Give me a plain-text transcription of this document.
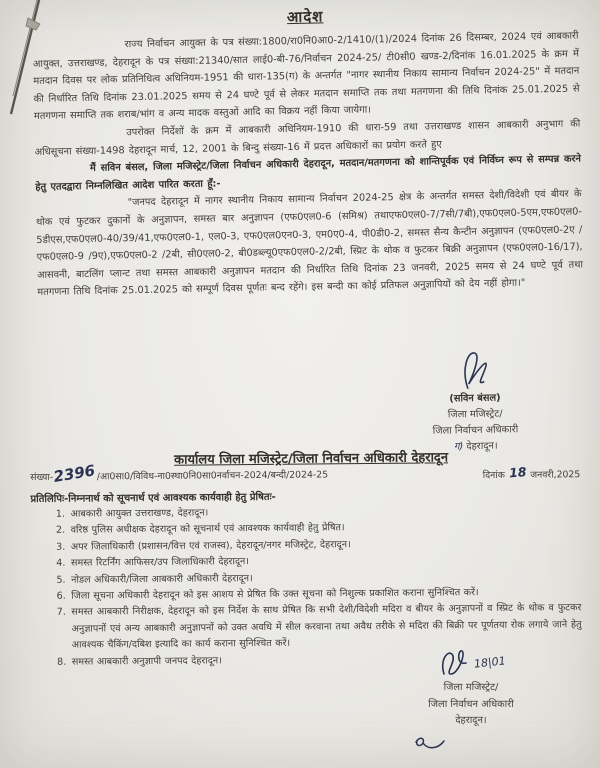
आदेश

राज्य निर्वाचन आयुक्त के पत्र संख्या:1800/रा0नि0आ0-2/1410/(1)/2024 दिनांक 26 दिसम्बर, 2024 एवं आबकारी आयुक्त, उत्तराखण्ड, देहरादून के पत्र संख्या:21340/सात लाई0-बी-76/निर्वाचन 2024-25/ टी0सी0 खण्ड-2/दिनांक 16.01.2025 के क्रम में मतदान दिवस पर लोक प्रतिनिधित्व अधिनियम-1951 की धारा-135(ग) के अन्तर्गत "नागर स्थानीय निकाय सामान्य निर्वाचन 2024-25" में मतदान की निर्धारित तिथि दिनांक 23.01.2025 समय से 24 घण्टे पूर्व से लेकर मतदान समाप्ति तक तथा मतगणना की तिथि दिनांक 25.01.2025 से मतगणना समाप्ति तक शराब/भांग व अन्य मादक वस्तुओं आदि का विक्रय नहीं किया जायेगा।

उपरोक्त निर्देशों के क्रम में आबकारी अधिनियम-1910 की धारा-59 तथा उत्तराखण्ड शासन आबकारी अनुभाग की अधिसूचना संख्या-1498 देहरादून मार्च, 12, 2001 के बिन्दु संख्या-16 में प्रदत्त अधिकारों का प्रयोग करते हुए

मैं सविन बंसल, जिला मजिस्ट्रेट/जिला निर्वाचन अधिकारी देहरादून, मतदान/मतगणना को शान्तिपूर्वक एवं निर्विघ्न रूप से सम्पन्न करने हेतु एतदद्वारा निम्नलिखित आदेश पारित करता हूँ:-

"जनपद देहरादून में नागर स्थानीय निकाय सामान्य निर्वाचन 2024-25 क्षेत्र के अन्तर्गत समस्त देशी/विदेशी एवं बीयर के थोक एवं फुटकर दुकानों के अनुज्ञापन, समस्त बार अनुज्ञापन (एफ0एल0-6 (समिश्र) तथाएफ0एल0-7/7सी/7बी),एफ0एल0-5एम,एफ0एल0-5डीएस,एफ0एल0-40/39/41,एफ0एल0-1, एल0-3, एफ0एल0एन0-3, एम0ए0-4, पी0डी0-2, समस्त सैन्य कैन्टीन अनुज्ञापन (एफ0एल0-2ए /एफ0एल0-9 /9ए),एफ0एल0-2 /2बी, सी0एल0-2, बी0डब्ल्यू0एफ0एल0-2/2बी, स्प्रिट के थोक व फुटकर बिक्री अनुज्ञापन (एफ0एल0-16/17), आसवनी, बाटलिंग प्लान्ट तथा समस्त आबकारी अनुज्ञापन मतदान की निर्धारित तिथि दिनांक 23 जनवरी, 2025 समय से 24 घण्टे पूर्व तथा मतगणना तिथि दिनांक 25.01.2025 को सम्पूर्ण दिवस पूर्णतः बन्द रहेंगे। इस बन्दी का कोई प्रतिफल अनुज्ञापियों को देय नहीं होगा।"

(सविन बंसल)
जिला मजिस्ट्रेट/
जिला निर्वाचन अधिकारी
ग) देहरादून।
कार्यालय जिला मजिस्ट्रेट/जिला निर्वाचन अधिकारी देहरादून
संख्या-
2396 /आ0सा0/विविध-ना0स्था0नि0सा0नर्वाचन-2024/बन्दी/2024-25	दिनांक 18 जनवरी,2025
प्रतिलिपिः-निम्ननार्थ को सूचनार्थ एवं आवश्यक कार्यवाही हेतु प्रेषितः-
1. आबकारी आयुक्त उत्तराखण्ड, देहरादून।
2. वरिष्ठ पुलिस अधीक्षक देहरादून को सूचनार्थ एवं आवश्यक कार्यवाही हेतु प्रेषित।
3. अपर जिलाधिकारी (प्रशासन/वित्त एवं राजस्व), देहरादून/नगर मजिस्ट्रेट, देहरादून।
4. समस्त रिटर्निंग आफिसर/उप जिलाधिकारी देहरादून।
5. नोडल अधिकारी/जिला आबकारी अधिकारी देहरादून।
6. जिला सूचना अधिकारी देहरादून को इस आशय से प्रेषित कि उक्त सूचना को निशुल्क प्रकाशित कराना सुनिश्चित करें।
7. समस्त आबकारी निरीक्षक, देहरादून को इस निर्देश के साथ प्रेषित कि सभी देशी/विदेशी मदिरा व बीयर के अनुज्ञापनों व स्प्रिट के थोक व फुटकर अनुज्ञापनों एवं अन्य आबकारी अनुज्ञापनों को उक्त अवधि में सील करवाना तथा अवैध तरीके से मदिरा की बिक्री पर पूर्णतया रोक लगाये जाने हेतु आवश्यक चैकिंग/दबिश इत्यादि का कार्य कराना सुनिश्चित करें।
8. समस्त आबकारी अनुज्ञापी जनपद देहरादून।	18|01
जिला मजिस्ट्रेट/
जिला निर्वाचन अधिकारी
देहरादून।
